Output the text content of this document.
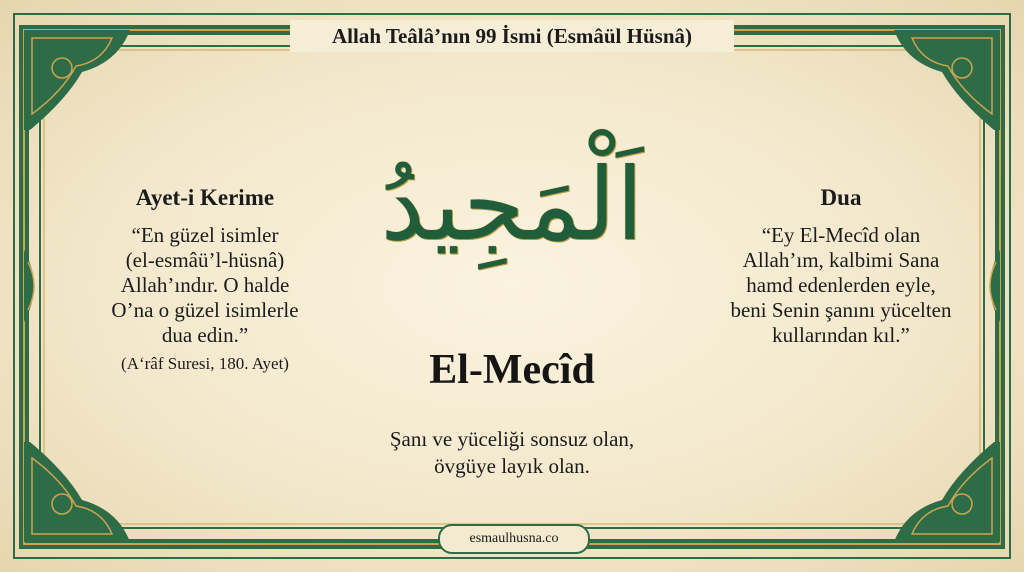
Allah Teâlâ’nın 99 İsmi (Esmâül Hüsnâ)
Ayet-i Kerime
“En güzel isimler
(el-esmâü’l-hüsnâ)
Allah’ındır. O halde
O’na o güzel isimlerle
dua edin.”
(A‘râf Suresi, 180. Ayet)
اَلْمَجِيدُ
El-Mecîd
Şanı ve yüceliği sonsuz olan,
övgüye layık olan.
Dua
“Ey El-Mecîd olan
Allah’ım, kalbimi Sana
hamd edenlerden eyle,
beni Senin şanını yücelten
kullarından kıl.”
esmaulhusna.co
